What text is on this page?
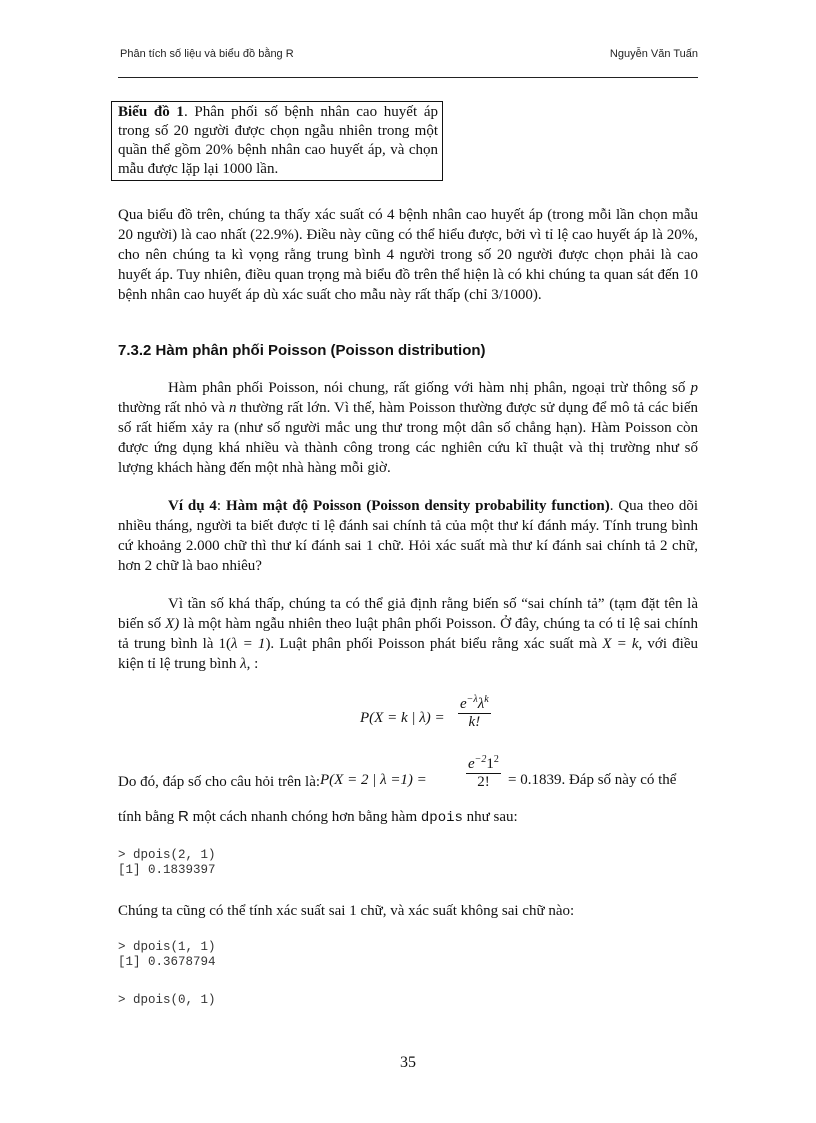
Phân tích số liệu và biểu đồ bằng R	Nguyễn Văn Tuấn
Biểu đồ 1. Phân phối số bệnh nhân cao huyết áp trong số 20 người được chọn ngẫu nhiên trong một quần thể gồm 20% bệnh nhân cao huyết áp, và chọn mẫu được lặp lại 1000 lần.
Qua biểu đồ trên, chúng ta thấy xác suất có 4 bệnh nhân cao huyết áp (trong mỗi lần chọn mẫu 20 người) là cao nhất (22.9%). Điều này cũng có thể hiểu được, bởi vì tỉ lệ cao huyết áp là 20%, cho nên chúng ta kì vọng rằng trung bình 4 người trong số 20 người được chọn phải là cao huyết áp. Tuy nhiên, điều quan trọng mà biểu đồ trên thể hiện là có khi chúng ta quan sát đến 10 bệnh nhân cao huyết áp dù xác suất cho mẫu này rất thấp (chỉ 3/1000).
7.3.2 Hàm phân phối Poisson (Poisson distribution)
Hàm phân phối Poisson, nói chung, rất giống với hàm nhị phân, ngoại trừ thông số p thường rất nhỏ và n thường rất lớn. Vì thế, hàm Poisson thường được sử dụng để mô tả các biến số rất hiếm xảy ra (như số người mắc ung thư trong một dân số chẳng hạn). Hàm Poisson còn được ứng dụng khá nhiều và thành công trong các nghiên cứu kĩ thuật và thị trường như số lượng khách hàng đến một nhà hàng mỗi giờ.
Ví dụ 4: Hàm mật độ Poisson (Poisson density probability function). Qua theo dõi nhiều tháng, người ta biết được tỉ lệ đánh sai chính tả của một thư kí đánh máy. Tính trung bình cứ khoảng 2.000 chữ thì thư kí đánh sai 1 chữ. Hỏi xác suất mà thư kí đánh sai chính tả 2 chữ, hơn 2 chữ là bao nhiêu?
Vì tần số khá thấp, chúng ta có thể giả định rằng biến số “sai chính tả” (tạm đặt tên là biến số X) là một hàm ngẫu nhiên theo luật phân phối Poisson. Ở đây, chúng ta có tỉ lệ sai chính tả trung bình là 1(λ = 1). Luật phân phối Poisson phát biểu rằng xác suất mà X = k, với điều kiện tỉ lệ trung bình λ, :
P(X = k | λ) =
$e^{-\lambda}\lambda^k$
k!
Do đó, đáp số cho câu hỏi trên là: P(X = 2 | λ =1) =	$\frac{e^{-2}1^2}{2!} = 0.1839$. Đáp số này có thể
tính bằng R một cách nhanh chóng hơn bằng hàm dpois như sau:
> dpois(2, 1)
[1] 0.1839397
Chúng ta cũng có thể tính xác suất sai 1 chữ, và xác suất không sai chữ nào:
> dpois(1, 1)
[1] 0.3678794
> dpois(0, 1)
35
